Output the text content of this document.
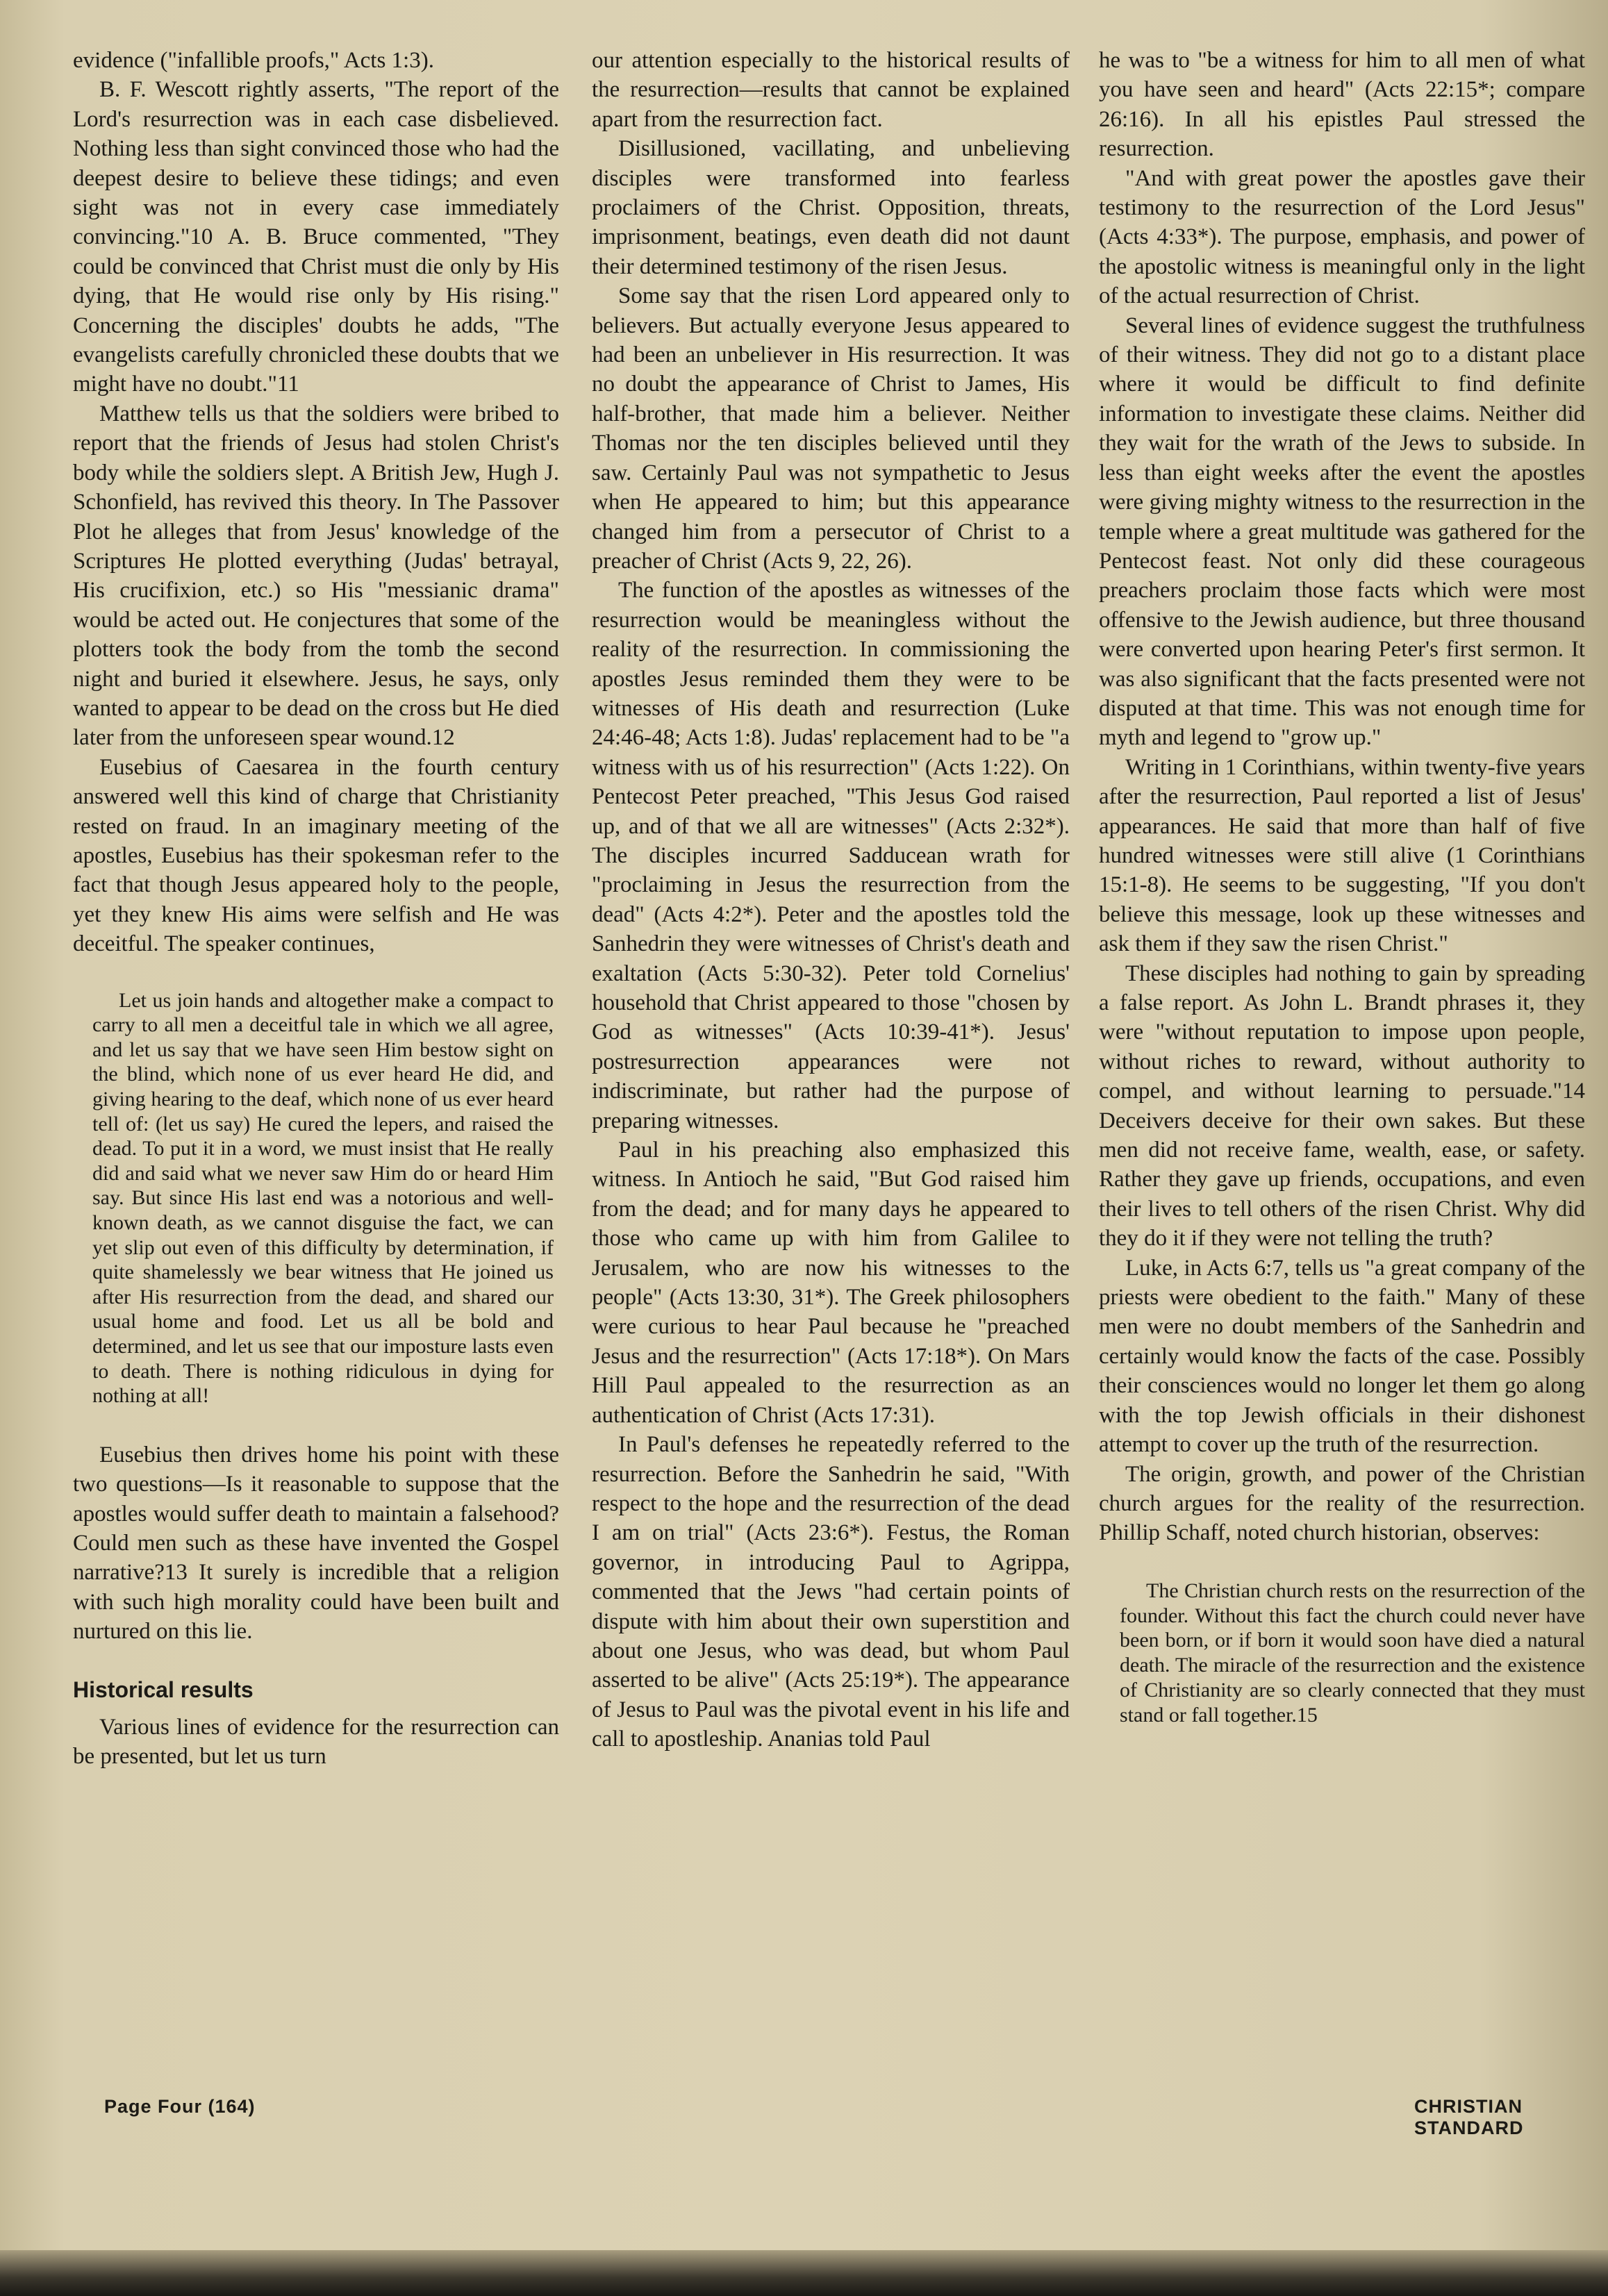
evidence ("infallible proofs," Acts 1:3).

B. F. Wescott rightly asserts, "The report of the Lord's resurrection was in each case disbelieved. Nothing less than sight convinced those who had the deepest desire to believe these tidings; and even sight was not in every case immediately convincing."10 A. B. Bruce commented, "They could be convinced that Christ must die only by His dying, that He would rise only by His rising." Concerning the disciples' doubts he adds, "The evangelists carefully chronicled these doubts that we might have no doubt."11

Matthew tells us that the soldiers were bribed to report that the friends of Jesus had stolen Christ's body while the soldiers slept. A British Jew, Hugh J. Schonfield, has revived this theory. In The Passover Plot he alleges that from Jesus' knowledge of the Scriptures He plotted everything (Judas' betrayal, His crucifixion, etc.) so His "messianic drama" would be acted out. He conjectures that some of the plotters took the body from the tomb the second night and buried it elsewhere. Jesus, he says, only wanted to appear to be dead on the cross but He died later from the unforeseen spear wound.12

Eusebius of Caesarea in the fourth century answered well this kind of charge that Christianity rested on fraud. In an imaginary meeting of the apostles, Eusebius has their spokesman refer to the fact that though Jesus appeared holy to the people, yet they knew His aims were selfish and He was deceitful. The speaker continues,

Let us join hands and altogether make a compact to carry to all men a deceitful tale in which we all agree, and let us say that we have seen Him bestow sight on the blind, which none of us ever heard He did, and giving hearing to the deaf, which none of us ever heard tell of: (let us say) He cured the lepers, and raised the dead. To put it in a word, we must insist that He really did and said what we never saw Him do or heard Him say. But since His last end was a notorious and well-known death, as we cannot disguise the fact, we can yet slip out even of this difficulty by determination, if quite shamelessly we bear witness that He joined us after His resurrection from the dead, and shared our usual home and food. Let us all be bold and determined, and let us see that our imposture lasts even to death. There is nothing ridiculous in dying for nothing at all!

Eusebius then drives home his point with these two questions—Is it reasonable to suppose that the apostles would suffer death to maintain a falsehood? Could men such as these have invented the Gospel narrative?13 It surely is incredible that a religion with such high morality could have been built and nurtured on this lie.

Historical results

Various lines of evidence for the resurrection can be presented, but let us turn

our attention especially to the historical results of the resurrection—results that cannot be explained apart from the resurrection fact.

Disillusioned, vacillating, and unbelieving disciples were transformed into fearless proclaimers of the Christ. Opposition, threats, imprisonment, beatings, even death did not daunt their determined testimony of the risen Jesus.

Some say that the risen Lord appeared only to believers. But actually everyone Jesus appeared to had been an unbeliever in His resurrection. It was no doubt the appearance of Christ to James, His half-brother, that made him a believer. Neither Thomas nor the ten disciples believed until they saw. Certainly Paul was not sympathetic to Jesus when He appeared to him; but this appearance changed him from a persecutor of Christ to a preacher of Christ (Acts 9, 22, 26).

The function of the apostles as witnesses of the resurrection would be meaningless without the reality of the resurrection. In commissioning the apostles Jesus reminded them they were to be witnesses of His death and resurrection (Luke 24:46-48; Acts 1:8). Judas' replacement had to be "a witness with us of his resurrection" (Acts 1:22). On Pentecost Peter preached, "This Jesus God raised up, and of that we all are witnesses" (Acts 2:32*). The disciples incurred Sadducean wrath for "proclaiming in Jesus the resurrection from the dead" (Acts 4:2*). Peter and the apostles told the Sanhedrin they were witnesses of Christ's death and exaltation (Acts 5:30-32). Peter told Cornelius' household that Christ appeared to those "chosen by God as witnesses" (Acts 10:39-41*). Jesus' postresurrection appearances were not indiscriminate, but rather had the purpose of preparing witnesses.

Paul in his preaching also emphasized this witness. In Antioch he said, "But God raised him from the dead; and for many days he appeared to those who came up with him from Galilee to Jerusalem, who are now his witnesses to the people" (Acts 13:30, 31*). The Greek philosophers were curious to hear Paul because he "preached Jesus and the resurrection" (Acts 17:18*). On Mars Hill Paul appealed to the resurrection as an authentication of Christ (Acts 17:31).

In Paul's defenses he repeatedly referred to the resurrection. Before the Sanhedrin he said, "With respect to the hope and the resurrection of the dead I am on trial" (Acts 23:6*). Festus, the Roman governor, in introducing Paul to Agrippa, commented that the Jews "had certain points of dispute with him about their own superstition and about one Jesus, who was dead, but whom Paul asserted to be alive" (Acts 25:19*). The appearance of Jesus to Paul was the pivotal event in his life and call to apostleship. Ananias told Paul

he was to "be a witness for him to all men of what you have seen and heard" (Acts 22:15*; compare 26:16). In all his epistles Paul stressed the resurrection.

"And with great power the apostles gave their testimony to the resurrection of the Lord Jesus" (Acts 4:33*). The purpose, emphasis, and power of the apostolic witness is meaningful only in the light of the actual resurrection of Christ.

Several lines of evidence suggest the truthfulness of their witness. They did not go to a distant place where it would be difficult to find definite information to investigate these claims. Neither did they wait for the wrath of the Jews to subside. In less than eight weeks after the event the apostles were giving mighty witness to the resurrection in the temple where a great multitude was gathered for the Pentecost feast. Not only did these courageous preachers proclaim those facts which were most offensive to the Jewish audience, but three thousand were converted upon hearing Peter's first sermon. It was also significant that the facts presented were not disputed at that time. This was not enough time for myth and legend to "grow up."

Writing in 1 Corinthians, within twenty-five years after the resurrection, Paul reported a list of Jesus' appearances. He said that more than half of five hundred witnesses were still alive (1 Corinthians 15:1-8). He seems to be suggesting, "If you don't believe this message, look up these witnesses and ask them if they saw the risen Christ."

These disciples had nothing to gain by spreading a false report. As John L. Brandt phrases it, they were "without reputation to impose upon people, without riches to reward, without authority to compel, and without learning to persuade."14 Deceivers deceive for their own sakes. But these men did not receive fame, wealth, ease, or safety. Rather they gave up friends, occupations, and even their lives to tell others of the risen Christ. Why did they do it if they were not telling the truth?

Luke, in Acts 6:7, tells us "a great company of the priests were obedient to the faith." Many of these men were no doubt members of the Sanhedrin and certainly would know the facts of the case. Possibly their consciences would no longer let them go along with the top Jewish officials in their dishonest attempt to cover up the truth of the resurrection.

The origin, growth, and power of the Christian church argues for the reality of the resurrection. Phillip Schaff, noted church historian, observes:

The Christian church rests on the resurrection of the founder. Without this fact the church could never have been born, or if born it would soon have died a natural death. The miracle of the resurrection and the existence of Christianity are so clearly connected that they must stand or fall together.15

Page Four (164)	CHRISTIAN STANDARD
